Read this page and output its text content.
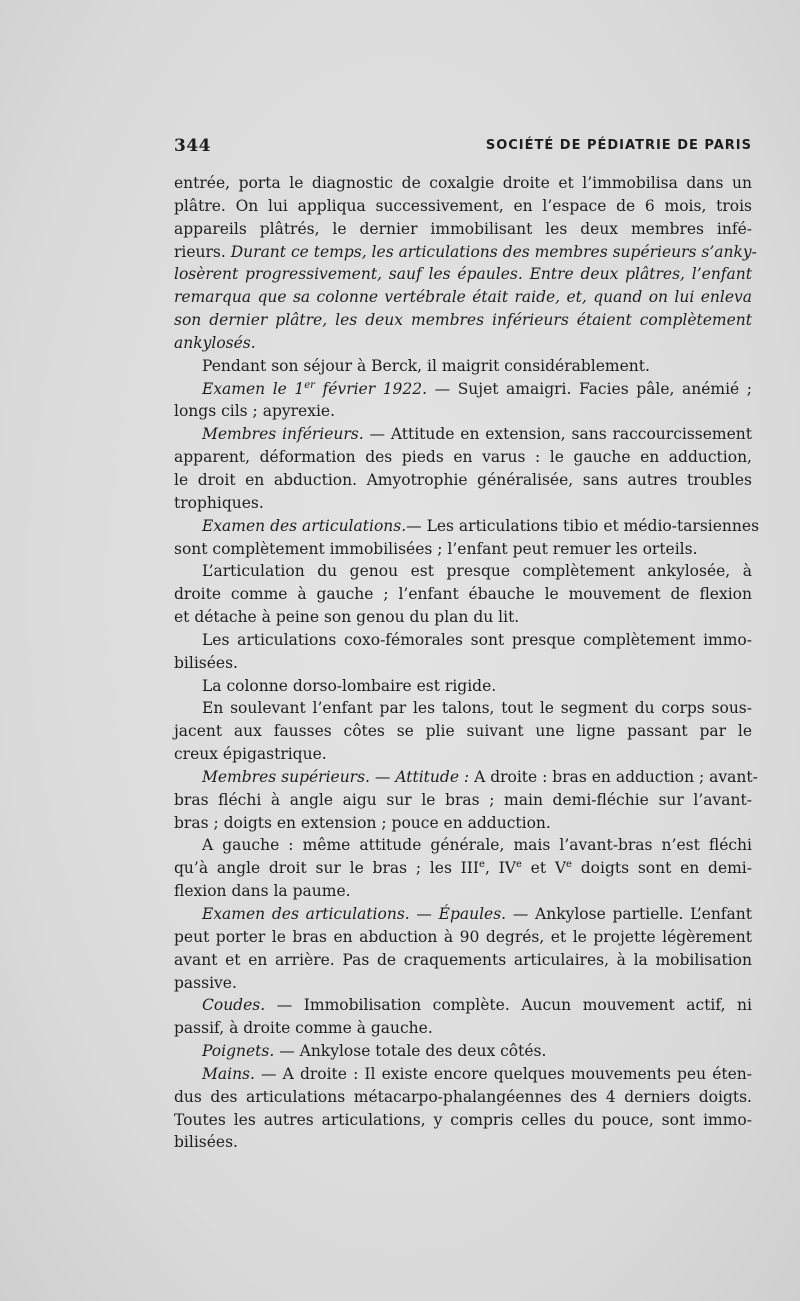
344	SOCIÉTÉ DE PÉDIATRIE DE PARIS
entrée, porta le diagnostic de coxalgie droite et l’immobilisa dans un
plâtre. On lui appliqua successivement, en l’espace de 6 mois, trois
appareils plâtrés, le dernier immobilisant les deux membres infé-
rieurs. Durant ce temps, les articulations des membres supérieurs s’anky-
losèrent progressivement, sauf les épaules. Entre deux plâtres, l’enfant
remarqua que sa colonne vertébrale était raide, et, quand on lui enleva
son dernier plâtre, les deux membres inférieurs étaient complètement
ankylosés.
Pendant son séjour à Berck, il maigrit considérablement.
Examen le 1er février 1922. — Sujet amaigri. Facies pâle, anémié ;
longs cils ; apyrexie.
Membres inférieurs. — Attitude en extension, sans raccourcissement
apparent, déformation des pieds en varus : le gauche en adduction,
le droit en abduction. Amyotrophie généralisée, sans autres troubles
trophiques.
Examen des articulations.— Les articulations tibio et médio-tarsiennes
sont complètement immobilisées ; l’enfant peut remuer les orteils.
L’articulation du genou est presque complètement ankylosée, à
droite comme à gauche ; l’enfant ébauche le mouvement de flexion
et détache à peine son genou du plan du lit.
Les articulations coxo-fémorales sont presque complètement immo-
bilisées.
La colonne dorso-lombaire est rigide.
En soulevant l’enfant par les talons, tout le segment du corps sous-
jacent aux fausses côtes se plie suivant une ligne passant par le
creux épigastrique.
Membres supérieurs. — Attitude : A droite : bras en adduction ; avant-
bras fléchi à angle aigu sur le bras ; main demi-fléchie sur l’avant-
bras ; doigts en extension ; pouce en adduction.
A gauche : même attitude générale, mais l’avant-bras n’est fléchi
qu’à angle droit sur le bras ; les IIIe, IVe et Ve doigts sont en demi-
flexion dans la paume.
Examen des articulations. — Épaules. — Ankylose partielle. L’enfant
peut porter le bras en abduction à 90 degrés, et le projette légèrement
avant et en arrière. Pas de craquements articulaires, à la mobilisation
passive.
Coudes. — Immobilisation complète. Aucun mouvement actif, ni
passif, à droite comme à gauche.
Poignets. — Ankylose totale des deux côtés.
Mains. — A droite : Il existe encore quelques mouvements peu éten-
dus des articulations métacarpo-phalangéennes des 4 derniers doigts.
Toutes les autres articulations, y compris celles du pouce, sont immo-
bilisées.
